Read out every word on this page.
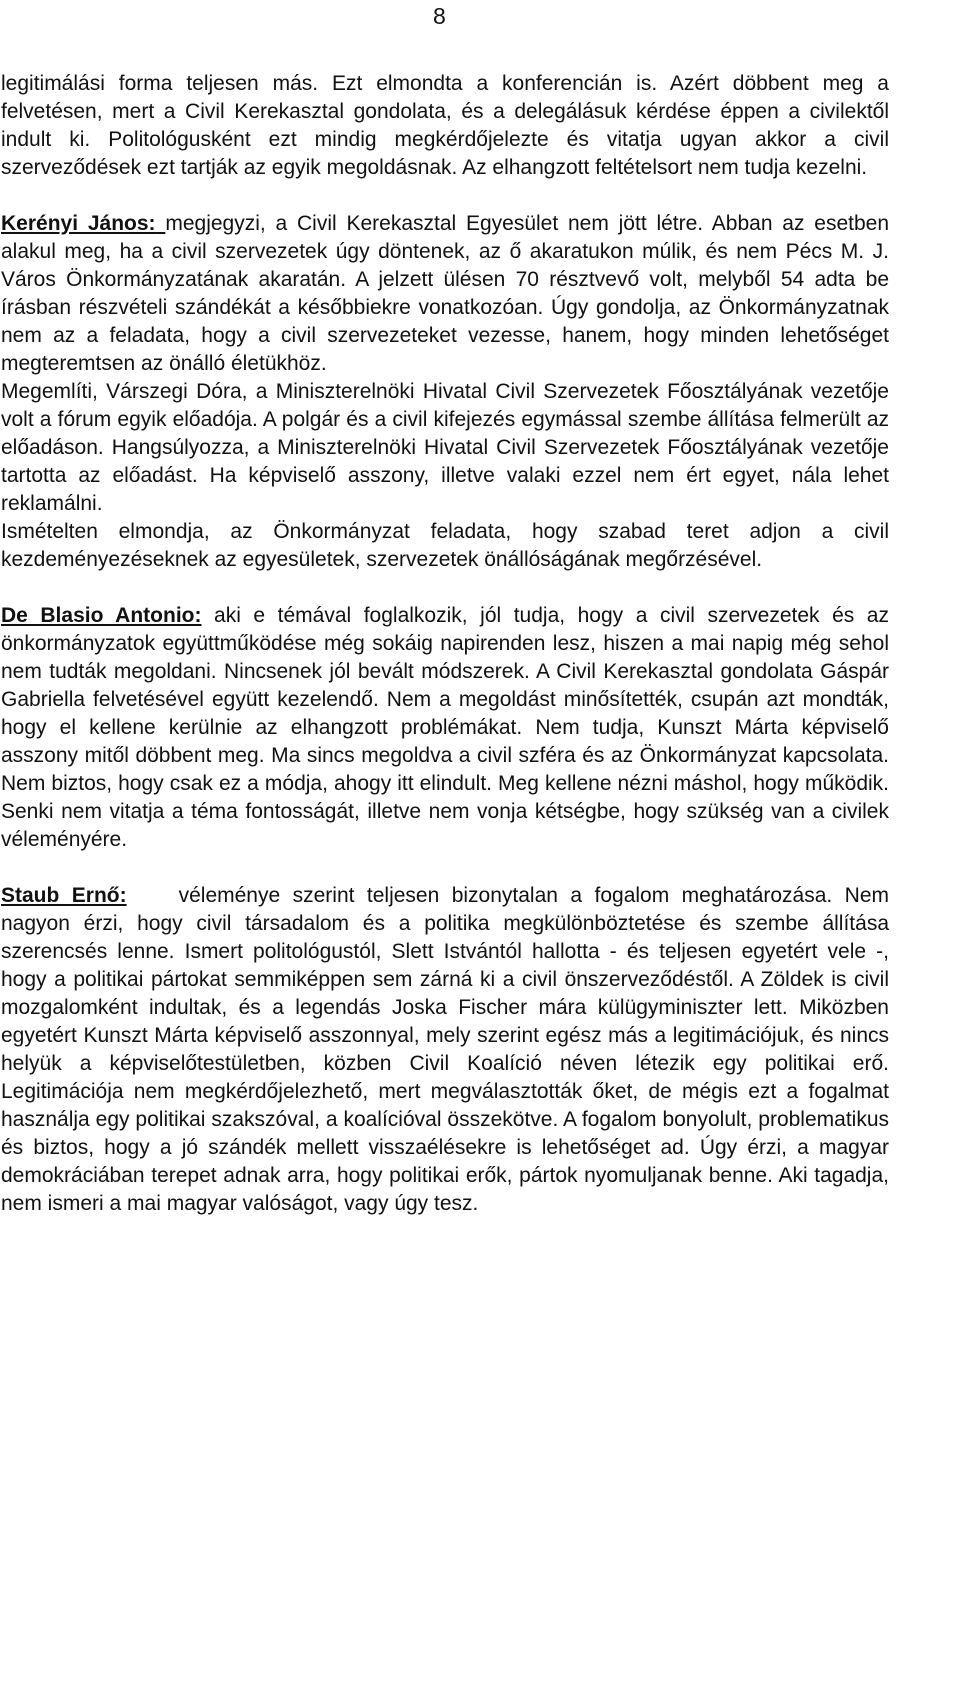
8

legitimálási forma teljesen más. Ezt elmondta a konferencián is. Azért döbbent meg a felvetésen, mert a Civil Kerekasztal gondolata, és a delegálásuk kérdése éppen a civilektől indult ki. Politológusként ezt mindig megkérdőjelezte és vitatja ugyan akkor a civil szerveződések ezt tartják az egyik megoldásnak. Az elhangzott feltételsort nem tudja kezelni.

Kerényi János: megjegyzi, a Civil Kerekasztal Egyesület nem jött létre. Abban az esetben alakul meg, ha a civil szervezetek úgy döntenek, az ő akaratukon múlik, és nem Pécs M. J. Város Önkormányzatának akaratán. A jelzett ülésen 70 résztvevő volt, melyből 54 adta be írásban részvételi szándékát a későbbiekre vonatkozóan. Úgy gondolja, az Önkormányzatnak nem az a feladata, hogy a civil szervezeteket vezesse, hanem, hogy minden lehetőséget megteremtsen az önálló életükhöz.

Megemlíti, Várszegi Dóra, a Miniszterelnöki Hivatal Civil Szervezetek Főosztályának vezetője volt a fórum egyik előadója. A polgár és a civil kifejezés egymással szembe állítása felmerült az előadáson. Hangsúlyozza, a Miniszterelnöki Hivatal Civil Szervezetek Főosztályának vezetője tartotta az előadást. Ha képviselő asszony, illetve valaki ezzel nem ért egyet, nála lehet reklamálni.

Ismételten elmondja, az Önkormányzat feladata, hogy szabad teret adjon a civil kezdeményezéseknek az egyesületek, szervezetek önállóságának megőrzésével.

De Blasio Antonio: aki e témával foglalkozik, jól tudja, hogy a civil szervezetek és az önkormányzatok együttműködése még sokáig napirenden lesz, hiszen a mai napig még sehol nem tudták megoldani. Nincsenek jól bevált módszerek. A Civil Kerekasztal gondolata Gáspár Gabriella felvetésével együtt kezelendő. Nem a megoldást minősítették, csupán azt mondták, hogy el kellene kerülnie az elhangzott problémákat. Nem tudja, Kunszt Márta képviselő asszony mitől döbbent meg. Ma sincs megoldva a civil szféra és az Önkormányzat kapcsolata. Nem biztos, hogy csak ez a módja, ahogy itt elindult. Meg kellene nézni máshol, hogy működik. Senki nem vitatja a téma fontosságát, illetve nem vonja kétségbe, hogy szükség van a civilek véleményére.

Staub Ernő: véleménye szerint teljesen bizonytalan a fogalom meghatározása. Nem nagyon érzi, hogy civil társadalom és a politika megkülönböztetése és szembe állítása szerencsés lenne. Ismert politológustól, Slett Istvántól hallotta - és teljesen egyetért vele -, hogy a politikai pártokat semmiképpen sem zárná ki a civil önszerveződéstől. A Zöldek is civil mozgalomként indultak, és a legendás Joska Fischer mára külügyminiszter lett. Miközben egyetért Kunszt Márta képviselő asszonnyal, mely szerint egész más a legitimációjuk, és nincs helyük a képviselőtestületben, közben Civil Koalíció néven létezik egy politikai erő. Legitimációja nem megkérdőjelezhető, mert megválasztották őket, de mégis ezt a fogalmat használja egy politikai szakszóval, a koalícióval összekötve. A fogalom bonyolult, problematikus és biztos, hogy a jó szándék mellett visszaélésekre is lehetőséget ad. Úgy érzi, a magyar demokráciában terepet adnak arra, hogy politikai erők, pártok nyomuljanak benne. Aki tagadja, nem ismeri a mai magyar valóságot, vagy úgy tesz.
